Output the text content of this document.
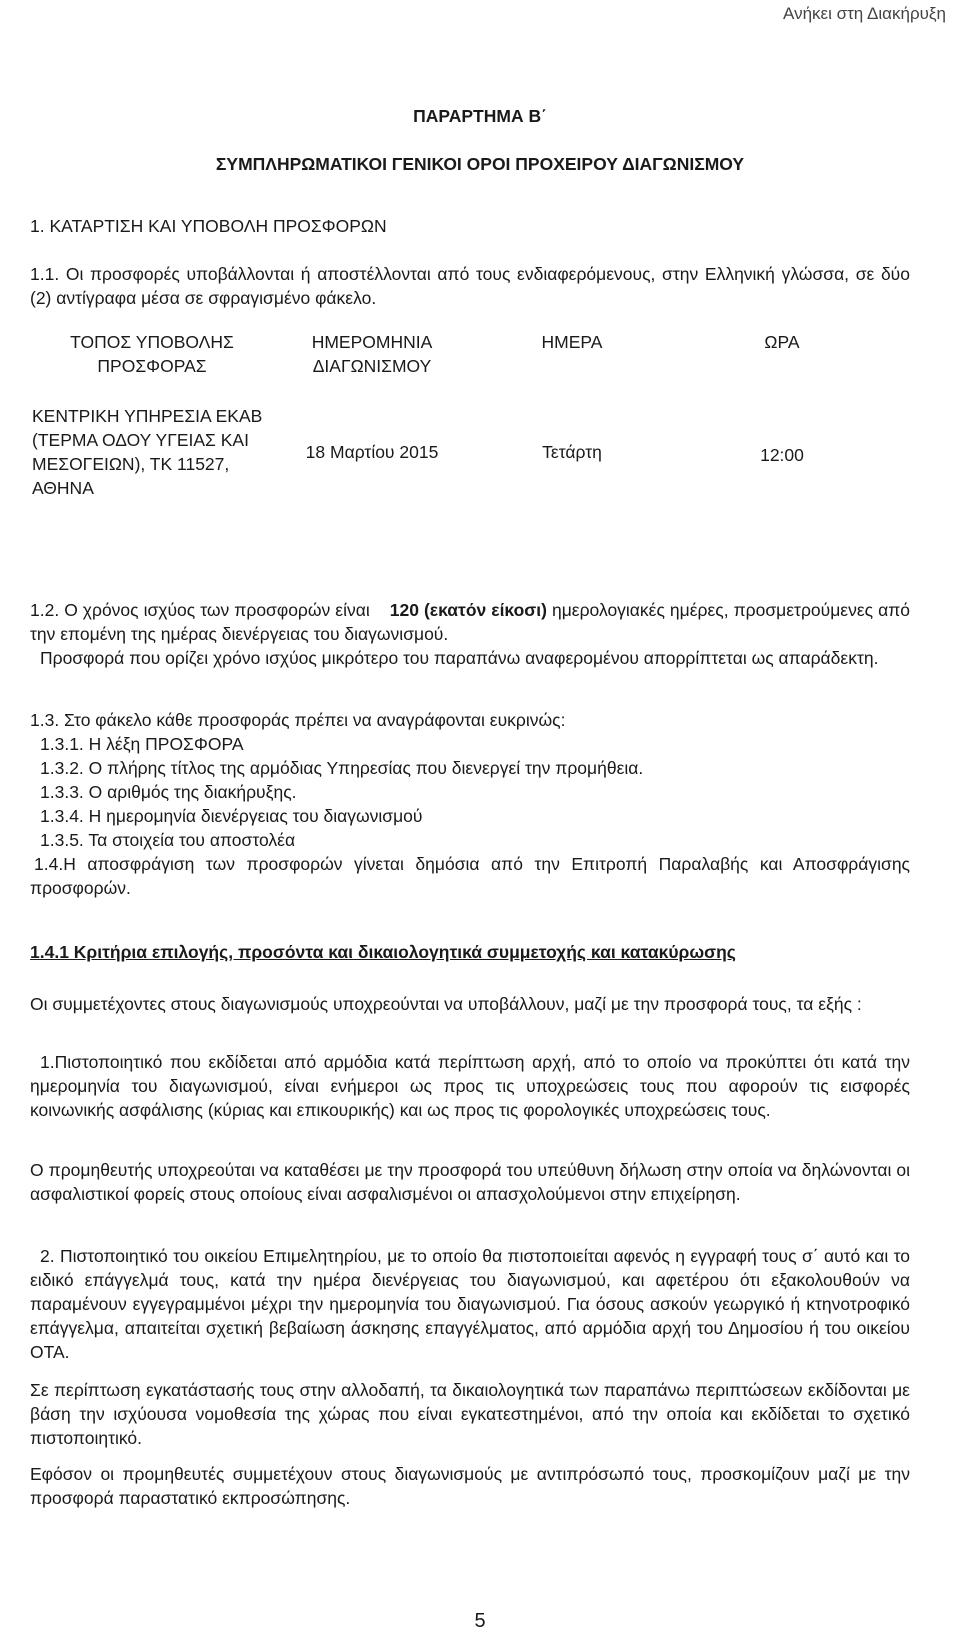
Ανήκει στη Διακήρυξη
ΠΑΡΑΡΤΗΜΑ Β΄
ΣΥΜΠΛΗΡΩΜΑΤΙΚΟΙ ΓΕΝΙΚΟΙ ΟΡΟΙ ΠΡΟΧΕΙΡΟΥ ΔΙΑΓΩΝΙΣΜΟΥ
1. ΚΑΤΑΡΤΙΣΗ ΚΑΙ ΥΠΟΒΟΛΗ ΠΡΟΣΦΟΡΩΝ
1.1. Οι προσφορές υποβάλλονται ή αποστέλλονται από τους ενδιαφερόμενους, στην Ελληνική γλώσσα, σε δύο (2) αντίγραφα μέσα σε σφραγισμένο φάκελο.
ΤΟΠΟΣ ΥΠΟΒΟΛΗΣ ΠΡΟΣΦΟΡΑΣ	ΗΜΕΡΟΜΗΝΙΑ ΔΙΑΓΩΝΙΣΜΟΥ	ΗΜΕΡΑ	ΩΡΑ

ΚΕΝΤΡΙΚΗ ΥΠΗΡΕΣΙΑ ΕΚΑΒ (ΤΕΡΜΑ ΟΔΟΥ ΥΓΕΙΑΣ ΚΑΙ ΜΕΣΟΓΕΙΩΝ), ΤΚ 11527, ΑΘΗΝΑ	18 Μαρτίου 2015	Τετάρτη	12:00
1.2. Ο χρόνος ισχύος των προσφορών είναι 120 (εκατόν είκοσι) ημερολογιακές ημέρες, προσμετρούμενες από την επομένη της ημέρας διενέργειας του διαγωνισμού.
Προσφορά που ορίζει χρόνο ισχύος μικρότερο του παραπάνω αναφερομένου απορρίπτεται ως απαράδεκτη.
1.3. Στο φάκελο κάθε προσφοράς πρέπει να αναγράφονται ευκρινώς:
1.3.1. Η λέξη ΠΡΟΣΦΟΡΑ
1.3.2. Ο πλήρης τίτλος της αρμόδιας Υπηρεσίας που διενεργεί την προμήθεια.
1.3.3. Ο αριθμός της διακήρυξης.
1.3.4. Η ημερομηνία διενέργειας του διαγωνισμού
1.3.5. Τα στοιχεία του αποστολέα
1.4.Η αποσφράγιση των προσφορών γίνεται δημόσια από την Επιτροπή Παραλαβής και Αποσφράγισης προσφορών.
1.4.1 Κριτήρια επιλογής, προσόντα και δικαιολογητικά συμμετοχής και κατακύρωσης
Οι συμμετέχοντες στους διαγωνισμούς υποχρεούνται να υποβάλλουν, μαζί με την προσφορά τους, τα εξής :
1.Πιστοποιητικό που εκδίδεται από αρμόδια κατά περίπτωση αρχή, από το οποίο να προκύπτει ότι κατά την ημερομηνία του διαγωνισμού, είναι ενήμεροι ως προς τις υποχρεώσεις τους που αφορούν τις εισφορές κοινωνικής ασφάλισης (κύριας και επικουρικής) και ως προς τις φορολογικές υποχρεώσεις τους.
Ο προμηθευτής υποχρεούται να καταθέσει με την προσφορά του υπεύθυνη δήλωση στην οποία να δηλώνονται οι ασφαλιστικοί φορείς στους οποίους είναι ασφαλισμένοι οι απασχολούμενοι στην επιχείρηση.
2. Πιστοποιητικό του οικείου Επιμελητηρίου, με το οποίο θα πιστοποιείται αφενός η εγγραφή τους σ΄ αυτό και το ειδικό επάγγελμά τους, κατά την ημέρα διενέργειας του διαγωνισμού, και αφετέρου ότι εξακολουθούν να παραμένουν εγγεγραμμένοι μέχρι την ημερομηνία του διαγωνισμού. Για όσους ασκούν γεωργικό ή κτηνοτροφικό επάγγελμα, απαιτείται σχετική βεβαίωση άσκησης επαγγέλματος, από αρμόδια αρχή του Δημοσίου ή του οικείου ΟΤΑ.
Σε περίπτωση εγκατάστασής τους στην αλλοδαπή, τα δικαιολογητικά των παραπάνω περιπτώσεων εκδίδονται με βάση την ισχύουσα νομοθεσία της χώρας που είναι εγκατεστημένοι, από την οποία και εκδίδεται το σχετικό πιστοποιητικό.
Εφόσον οι προμηθευτές συμμετέχουν στους διαγωνισμούς με αντιπρόσωπό τους, προσκομίζουν μαζί με την προσφορά παραστατικό εκπροσώπησης.
5
